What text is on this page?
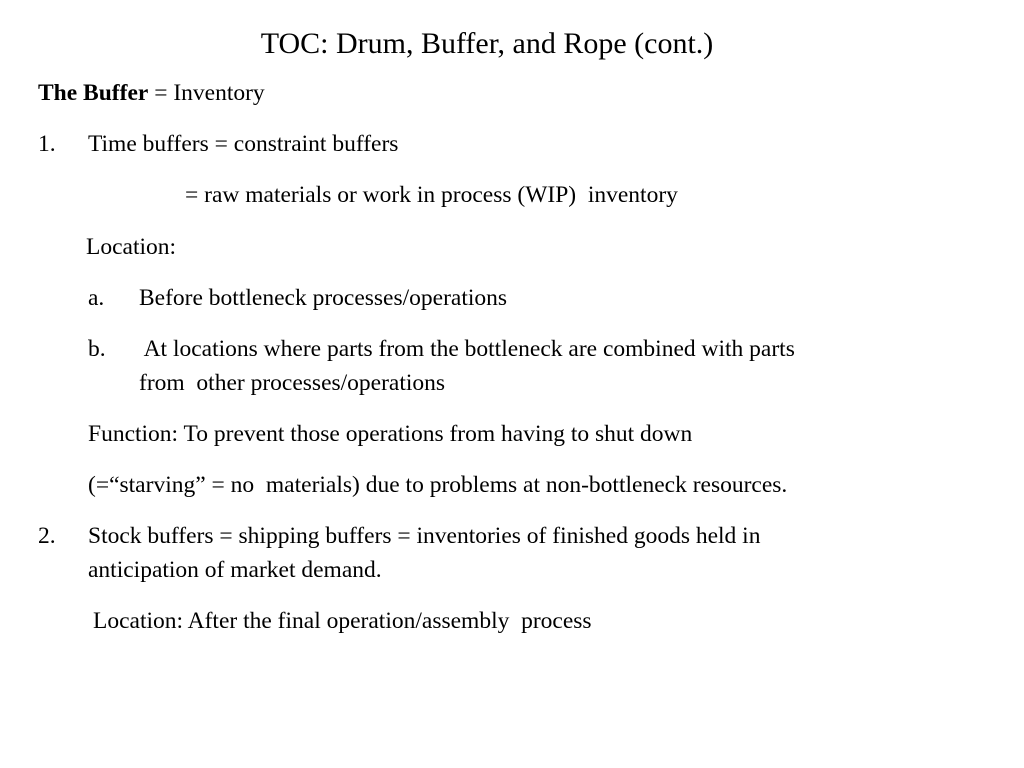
TOC: Drum, Buffer, and Rope (cont.)
The Buffer = Inventory
1. Time buffers = constraint buffers
= raw materials or work in process (WIP)  inventory
Location:
a. Before bottleneck processes/operations
b. At locations where parts from the bottleneck are combined with parts
from  other processes/operations
Function: To prevent those operations from having to shut down
(=“starving” = no  materials) due to problems at non-bottleneck resources.
2. Stock buffers = shipping buffers = inventories of finished goods held in
anticipation of market demand.
Location: After the final operation/assembly  process
